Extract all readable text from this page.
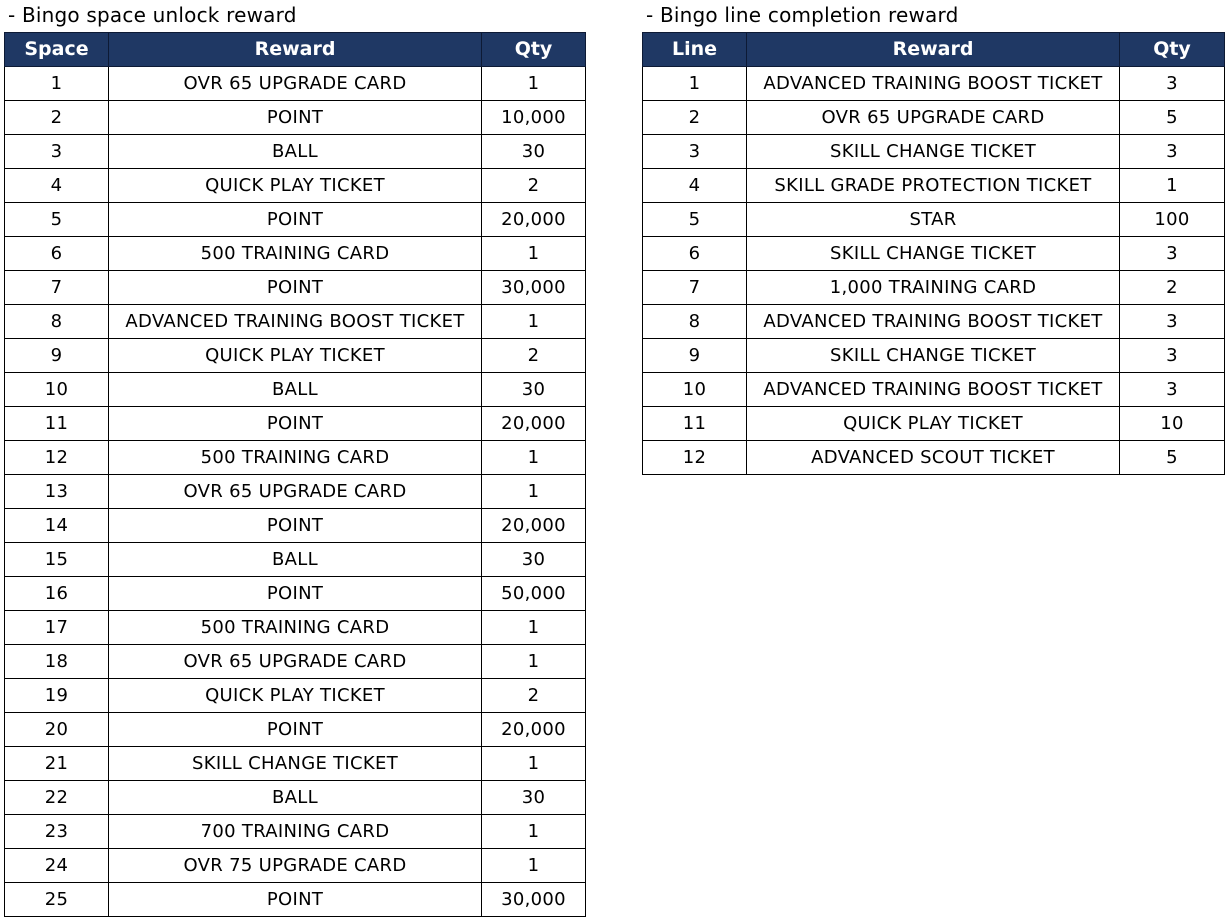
- Bingo space unlock reward
Space	Reward	Qty
1	OVR 65 UPGRADE CARD	1
2	POINT	10,000
3	BALL	30
4	QUICK PLAY TICKET	2
5	POINT	20,000
6	500 TRAINING CARD	1
7	POINT	30,000
8	ADVANCED TRAINING BOOST TICKET	1
9	QUICK PLAY TICKET	2
10	BALL	30
11	POINT	20,000
12	500 TRAINING CARD	1
13	OVR 65 UPGRADE CARD	1
14	POINT	20,000
15	BALL	30
16	POINT	50,000
17	500 TRAINING CARD	1
18	OVR 65 UPGRADE CARD	1
19	QUICK PLAY TICKET	2
20	POINT	20,000
21	SKILL CHANGE TICKET	1
22	BALL	30
23	700 TRAINING CARD	1
24	OVR 75 UPGRADE CARD	1
25	POINT	30,000
- Bingo line completion reward
Line	Reward	Qty
1	ADVANCED TRAINING BOOST TICKET	3
2	OVR 65 UPGRADE CARD	5
3	SKILL CHANGE TICKET	3
4	SKILL GRADE PROTECTION TICKET	1
5	STAR	100
6	SKILL CHANGE TICKET	3
7	1,000 TRAINING CARD	2
8	ADVANCED TRAINING BOOST TICKET	3
9	SKILL CHANGE TICKET	3
10	ADVANCED TRAINING BOOST TICKET	3
11	QUICK PLAY TICKET	10
12	ADVANCED SCOUT TICKET	5
